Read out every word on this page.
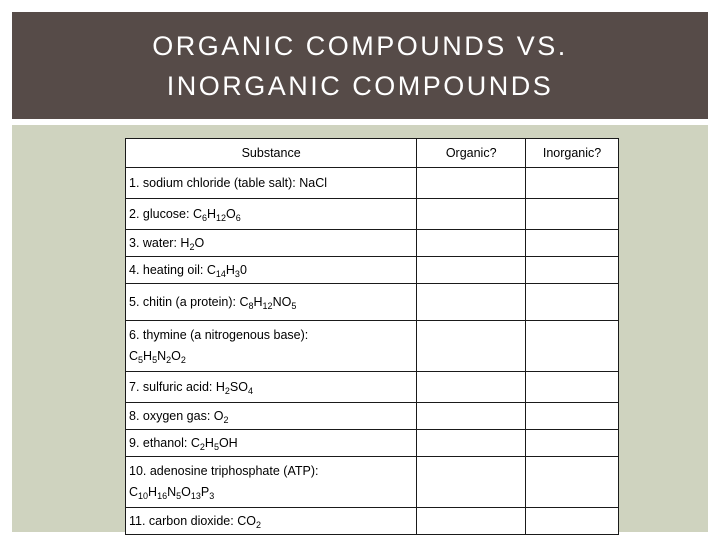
ORGANIC COMPOUNDS VS.
INORGANIC COMPOUNDS
Substance	Organic?	Inorganic?
1. sodium chloride (table salt): NaCl		
2. glucose: $C_6H_{12}O_6$		
3. water: $H_2O$		
4. heating oil: $C_{14}H_30$		
5. chitin (a protein): $C_8H_{12}NO_5$		
6. thymine (a nitrogenous base):
$C_5H_5N_2O_2$		
7. sulfuric acid: $H_2SO_4$		
8. oxygen gas: $O_2$		
9. ethanol: $C_2H_5OH$		
10. adenosine triphosphate (ATP):
$C_{10}H_{16}N_5O_{13}P_3$		
11. carbon dioxide: $CO_2$		
